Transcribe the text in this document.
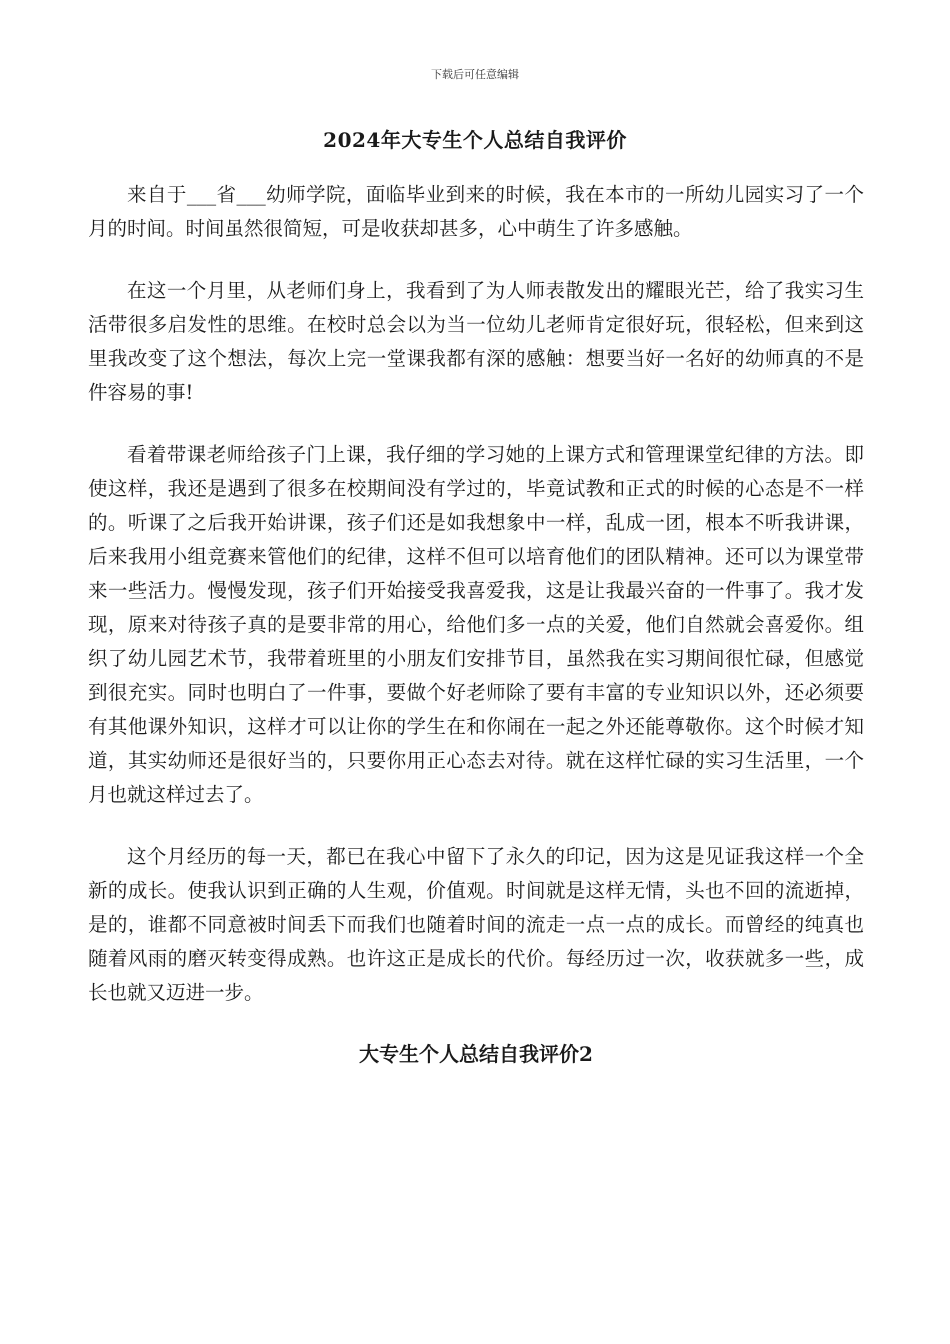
下载后可任意编辑
2024年大专生个人总结自我评价

来自于___省___幼师学院，面临毕业到来的时候，我在本市的一所幼儿园实习了一个月的时间。时间虽然很简短，可是收获却甚多，心中萌生了许多感触。

在这一个月里，从老师们身上，我看到了为人师表散发出的耀眼光芒，给了我实习生活带很多启发性的思维。在校时总会以为当一位幼儿老师肯定很好玩，很轻松，但来到这里我改变了这个想法，每次上完一堂课我都有深的感触：想要当好一名好的幼师真的不是件容易的事!

看着带课老师给孩子门上课，我仔细的学习她的上课方式和管理课堂纪律的方法。即使这样，我还是遇到了很多在校期间没有学过的，毕竟试教和正式的时候的心态是不一样的。听课了之后我开始讲课，孩子们还是如我想象中一样，乱成一团，根本不听我讲课，后来我用小组竞赛来管他们的纪律，这样不但可以培育他们的团队精神。还可以为课堂带来一些活力。慢慢发现，孩子们开始接受我喜爱我，这是让我最兴奋的一件事了。我才发现，原来对待孩子真的是要非常的用心，给他们多一点的关爱，他们自然就会喜爱你。组织了幼儿园艺术节，我带着班里的小朋友们安排节目，虽然我在实习期间很忙碌，但感觉到很充实。同时也明白了一件事，要做个好老师除了要有丰富的专业知识以外，还必须要有其他课外知识，这样才可以让你的学生在和你闹在一起之外还能尊敬你。这个时候才知道，其实幼师还是很好当的，只要你用正心态去对待。就在这样忙碌的实习生活里，一个月也就这样过去了。

这个月经历的每一天，都已在我心中留下了永久的印记，因为这是见证我这样一个全新的成长。使我认识到正确的人生观，价值观。时间就是这样无情，头也不回的流逝掉，是的，谁都不同意被时间丢下而我们也随着时间的流走一点一点的成长。而曾经的纯真也随着风雨的磨灭转变得成熟。也许这正是成长的代价。每经历过一次，收获就多一些，成长也就又迈进一步。

大专生个人总结自我评价2
